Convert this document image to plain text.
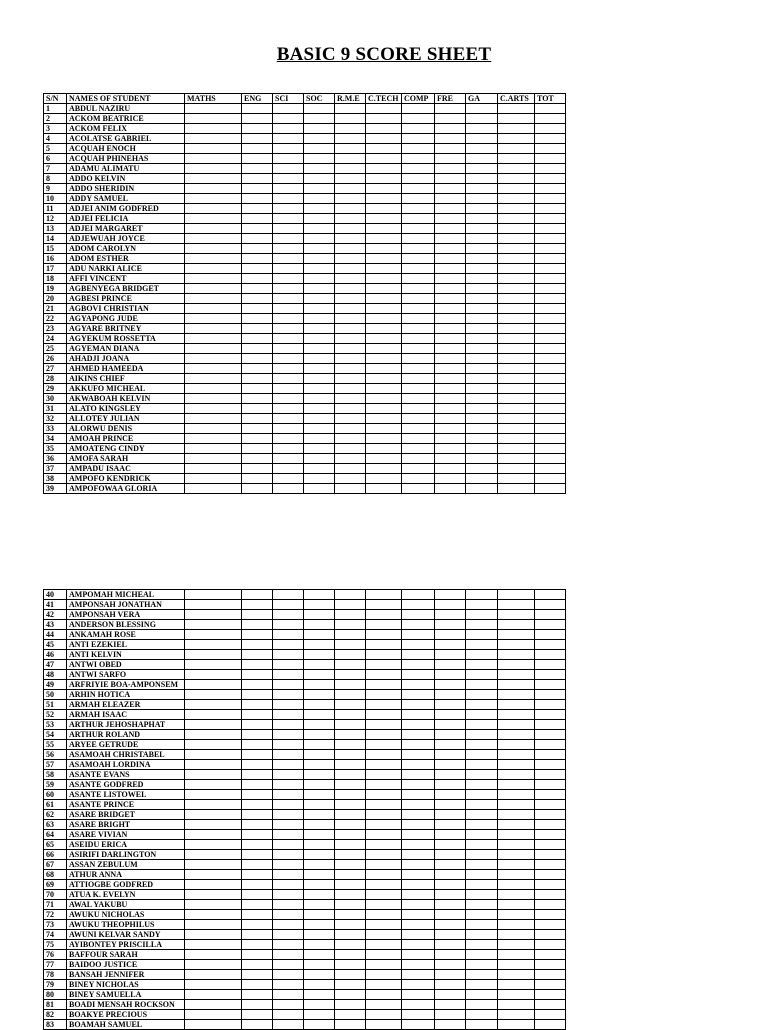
BASIC 9 SCORE SHEET
S/N	NAMES OF STUDENT	MATHS	ENG	SCI	SOC	R.M.E	C.TECH	COMP	FRE	GA	C.ARTS	TOT
1	ABDUL NAZIRU											
2	ACKOM BEATRICE											
3	ACKOM FELIX											
4	ACOLATSE GABRIEL											
5	ACQUAH ENOCH											
6	ACQUAH PHINEHAS											
7	ADAMU ALIMATU											
8	ADDO KELVIN											
9	ADDO SHERIDIN											
10	ADDY SAMUEL											
11	ADJEI ANIM GODFRED											
12	ADJEI FELICIA											
13	ADJEI MARGARET											
14	ADJEWUAH JOYCE											
15	ADOM CAROLYN											
16	ADOM ESTHER											
17	ADU NARKI ALICE											
18	AFFI VINCENT											
19	AGBENYEGA BRIDGET											
20	AGBESI PRINCE											
21	AGBOVI CHRISTIAN											
22	AGYAPONG JUDE											
23	AGYARE BRITNEY											
24	AGYEKUM ROSSETTA											
25	AGYEMAN DIANA											
26	AHADJI JOANA											
27	AHMED HAMEEDA											
28	AIKINS CHIEF											
29	AKKUFO MICHEAL											
30	AKWABOAH KELVIN											
31	ALATO KINGSLEY											
32	ALLOTEY JULIAN											
33	ALORWU DENIS											
34	AMOAH PRINCE											
35	AMOATENG CINDY											
36	AMOFA SARAH											
37	AMPADU ISAAC											
38	AMPOFO KENDRICK											
39	AMPOFOWAA GLORIA											
40	AMPOMAH MICHEAL											
41	AMPONSAH JONATHAN											
42	AMPONSAH VERA											
43	ANDERSON BLESSING											
44	ANKAMAH ROSE											
45	ANTI EZEKIEL											
46	ANTI KELVIN											
47	ANTWI OBED											
48	ANTWI SARFO											
49	ARFRIYIE BOA-AMPONSEM											
50	ARHIN HOTICA											
51	ARMAH ELEAZER											
52	ARMAH ISAAC											
53	ARTHUR JEHOSHAPHAT											
54	ARTHUR ROLAND											
55	ARYEE GETRUDE											
56	ASAMOAH CHRISTABEL											
57	ASAMOAH LORDINA											
58	ASANTE EVANS											
59	ASANTE GODFRED											
60	ASANTE LISTOWEL											
61	ASANTE PRINCE											
62	ASARE BRIDGET											
63	ASARE BRIGHT											
64	ASARE VIVIAN											
65	ASEIDU ERICA											
66	ASIRIFI DARLINGTON											
67	ASSAN ZEBULUM											
68	ATHUR ANNA											
69	ATTIOGBE GODFRED											
70	ATUA K. EVELYN											
71	AWAL YAKUBU											
72	AWUKU NICHOLAS											
73	AWUKU THEOPHILUS											
74	AWUNI KELVAR SANDY											
75	AYIBONTEY PRISCILLA											
76	BAFFOUR SARAH											
77	BAIDOO JUSTICE											
78	BANSAH JENNIFER											
79	BINEY NICHOLAS											
80	BINEY SAMUELLA											
81	BOADI MENSAH ROCKSON											
82	BOAKYE PRECIOUS											
83	BOAMAH SAMUEL											
